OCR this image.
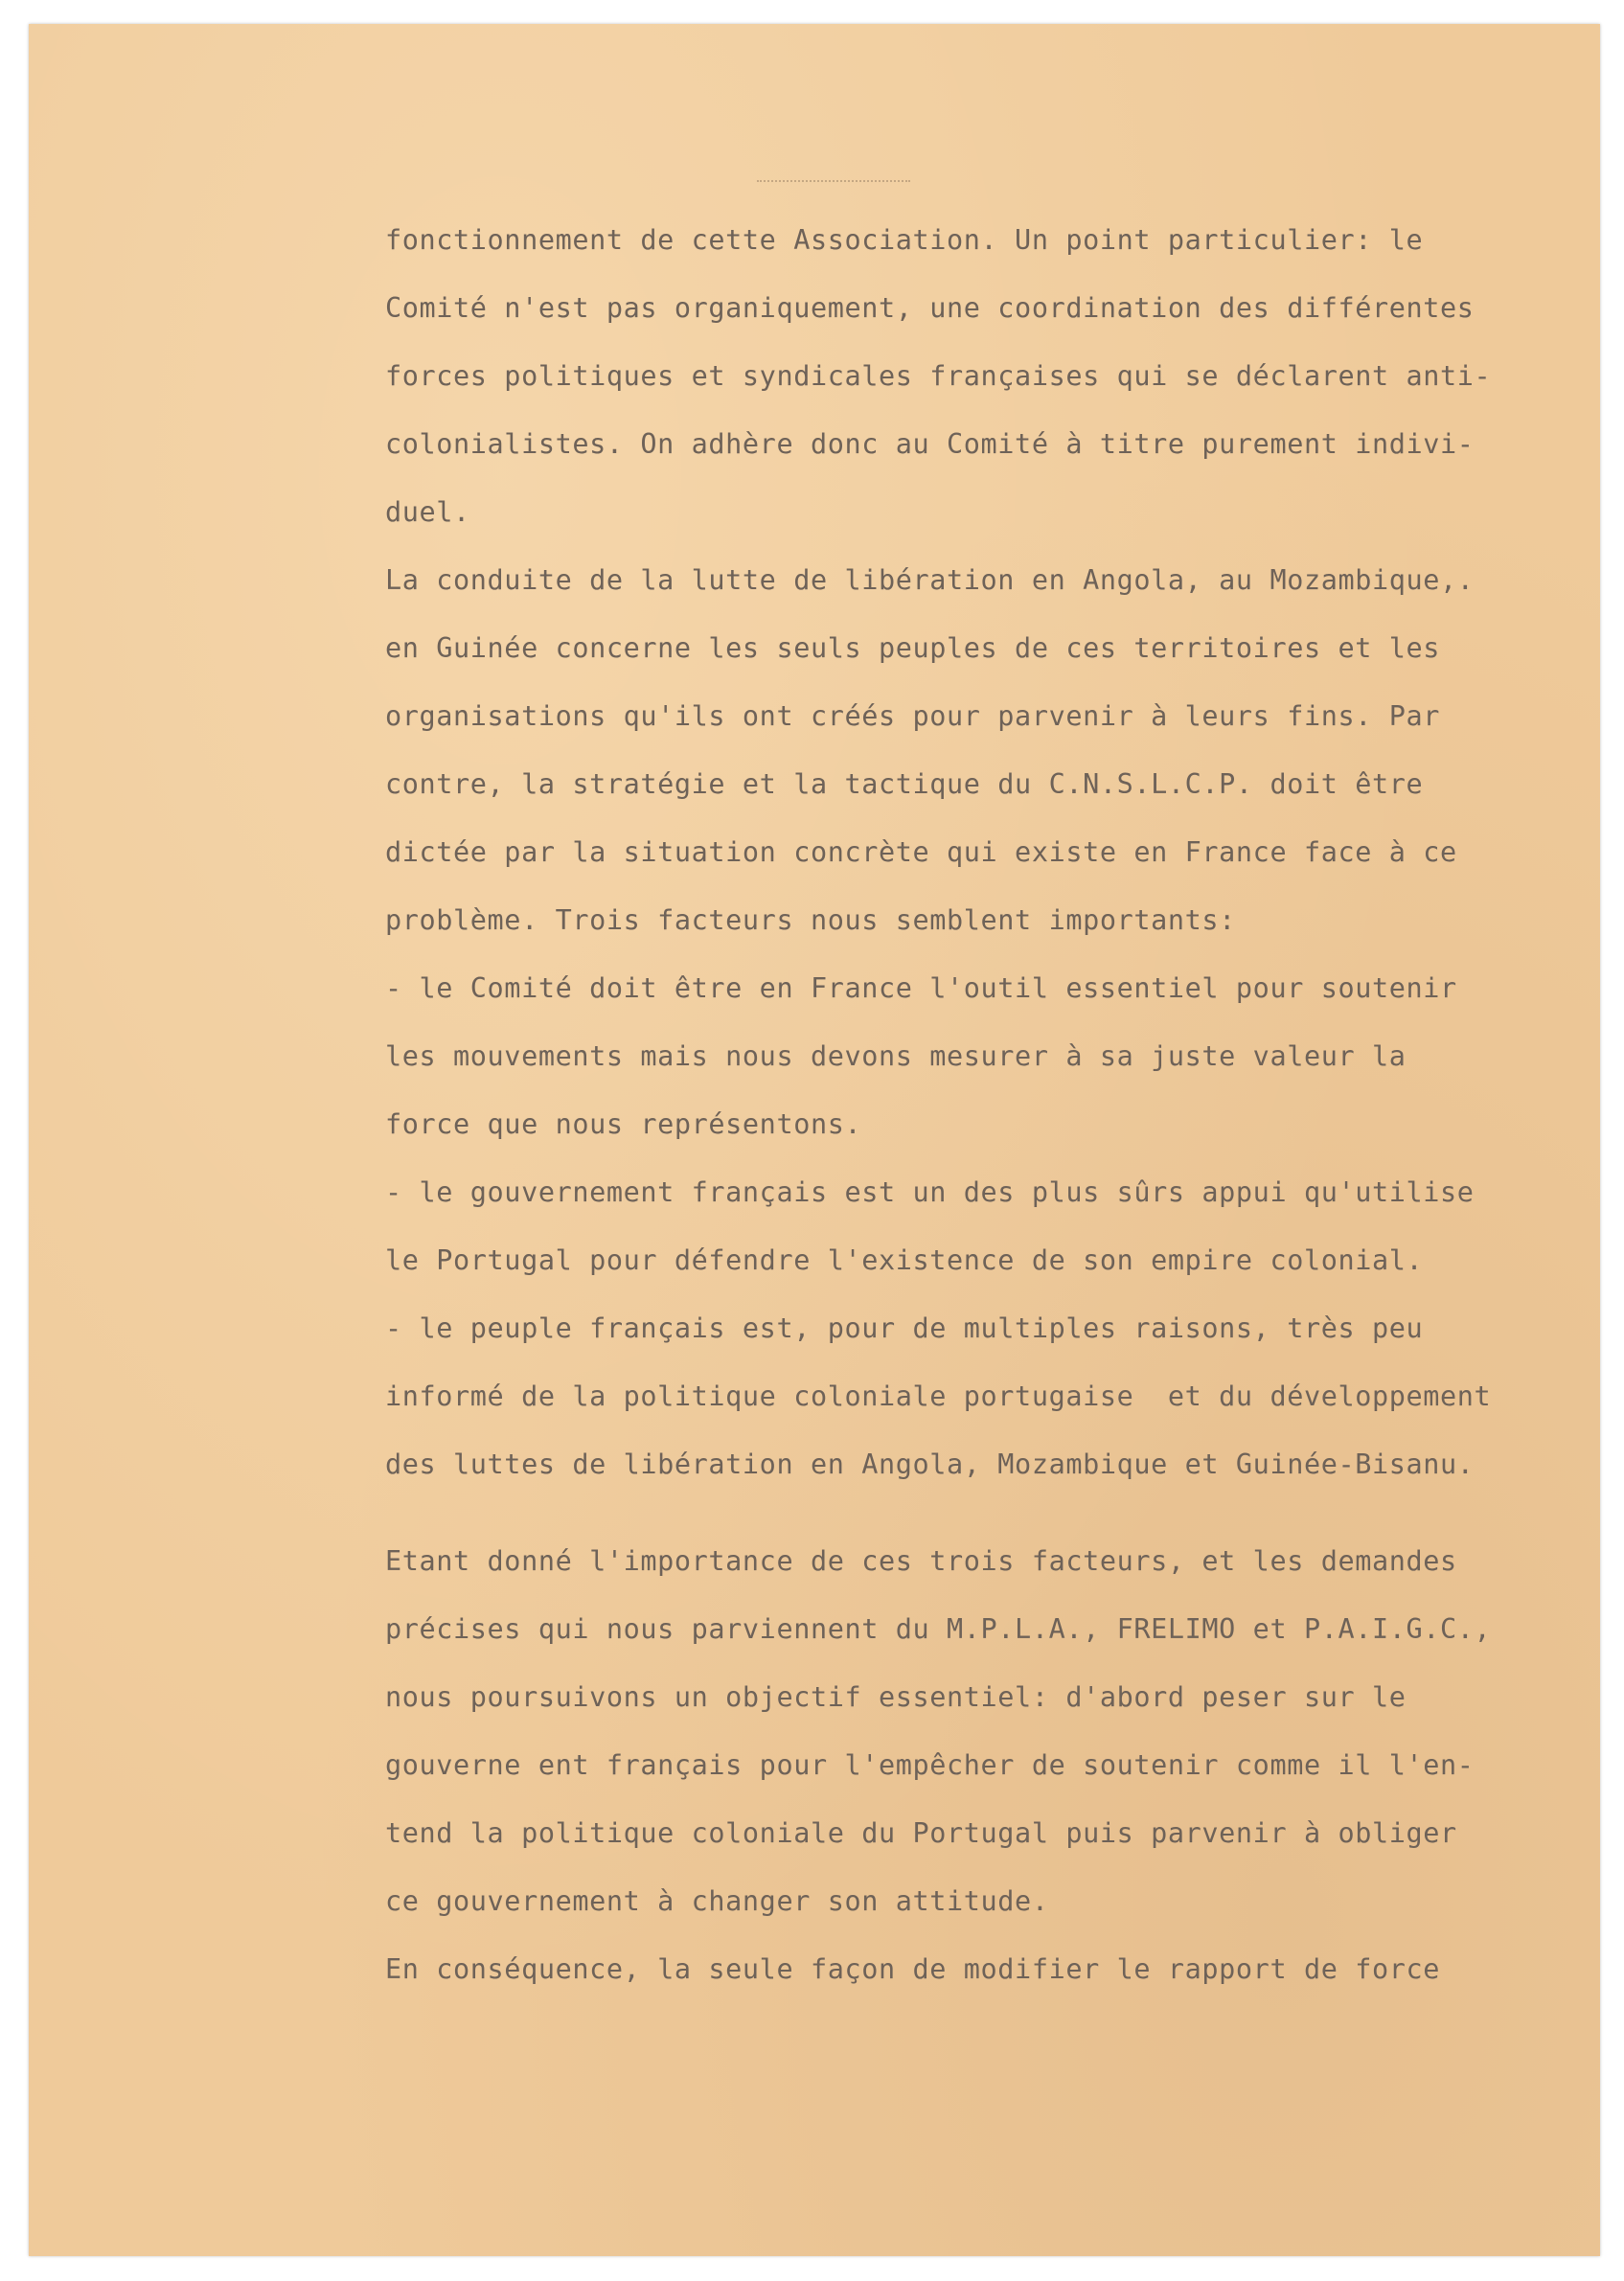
fonctionnement de cette Association. Un point particulier: le
Comité n'est pas organiquement, une coordination des différentes
forces politiques et syndicales françaises qui se déclarent anti-
colonialistes. On adhère donc au Comité à titre purement indivi-
duel.
La conduite de la lutte de libération en Angola, au Mozambique,.
en Guinée concerne les seuls peuples de ces territoires et les
organisations qu'ils ont créés pour parvenir à leurs fins. Par
contre, la stratégie et la tactique du C.N.S.L.C.P. doit être
dictée par la situation concrète qui existe en France face à ce
problème. Trois facteurs nous semblent importants:
- le Comité doit être en France l'outil essentiel pour soutenir
les mouvements mais nous devons mesurer à sa juste valeur la
force que nous représentons.
- le gouvernement français est un des plus sûrs appui qu'utilise
le Portugal pour défendre l'existence de son empire colonial.
- le peuple français est, pour de multiples raisons, très peu
informé de la politique coloniale portugaise  et du développement
des luttes de libération en Angola, Mozambique et Guinée-Bisanu.
Etant donné l'importance de ces trois facteurs, et les demandes
précises qui nous parviennent du M.P.L.A., FRELIMO et P.A.I.G.C.,
nous poursuivons un objectif essentiel: d'abord peser sur le
gouverne ent français pour l'empêcher de soutenir comme il l'en-
tend la politique coloniale du Portugal puis parvenir à obliger
ce gouvernement à changer son attitude.
En conséquence, la seule façon de modifier le rapport de force
